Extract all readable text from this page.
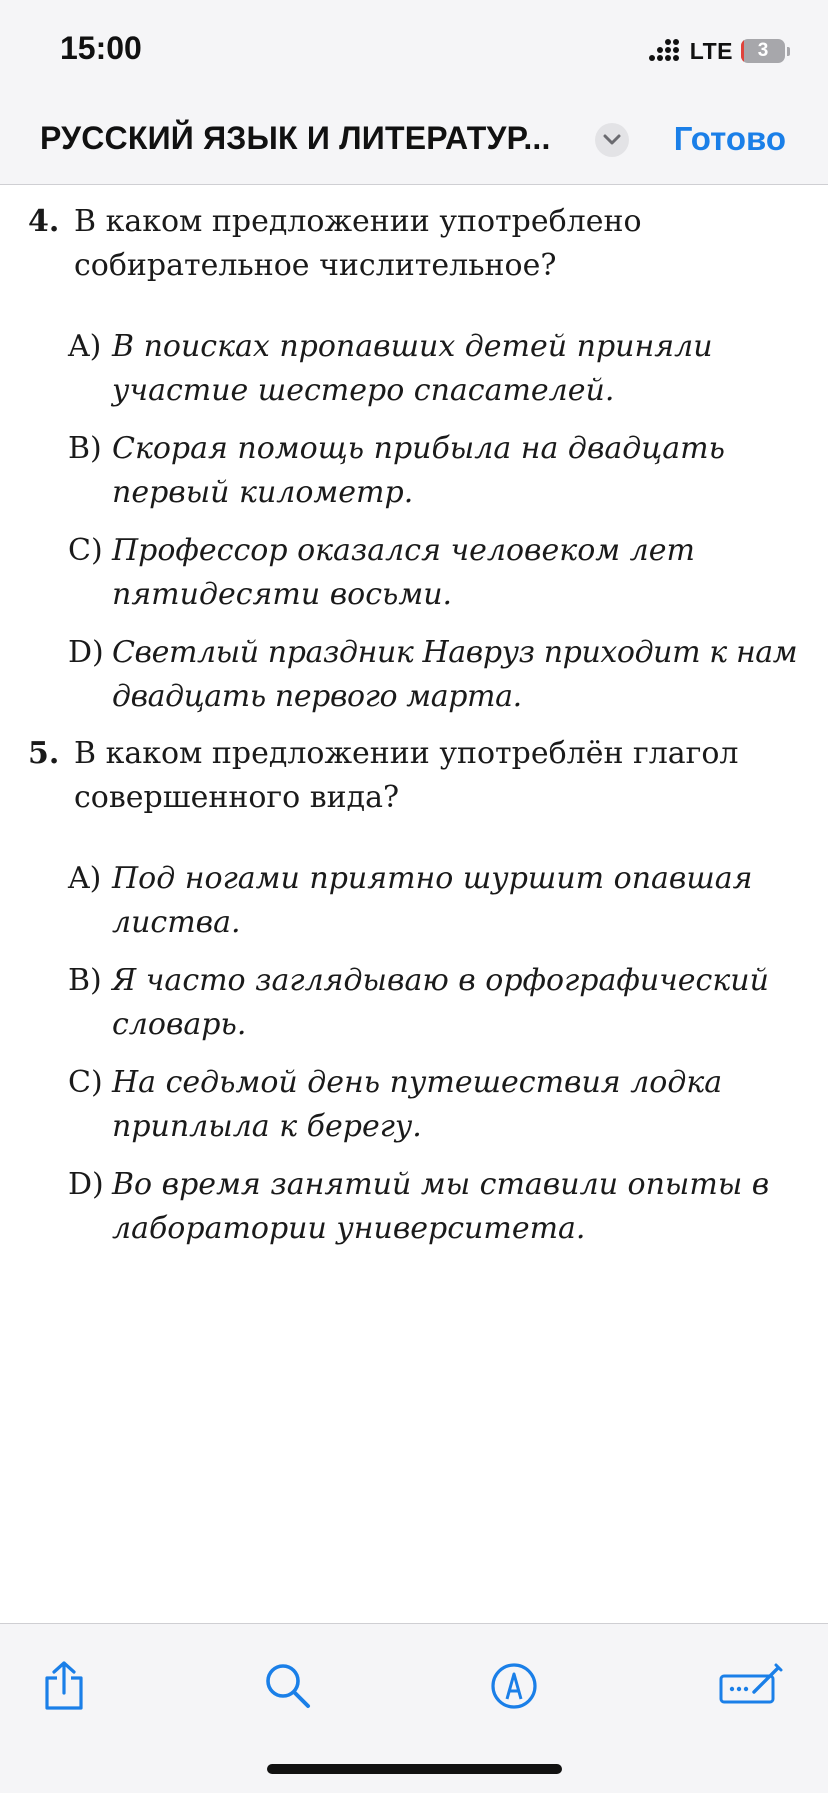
15:00	LTE	3
РУССКИЙ ЯЗЫК И ЛИТЕРАТУР...	Готово
4. В каком предложении употреблено
собирательное числительное?
A) В поисках пропавших детей приняли
участие шестеро спасателей.
B) Скорая помощь прибыла на двадцать
первый километр.
C) Профессор оказался человеком лет
пятидесяти восьми.
D) Светлый праздник Навруз приходит к нам
двадцать первого марта.
5. В каком предложении употреблён глагол
совершенного вида?
A) Под ногами приятно шуршит опавшая
листва.
B) Я часто заглядываю в орфографический
словарь.
C) На седьмой день путешествия лодка
приплыла к берегу.
D) Во время занятий мы ставили опыты в
лаборатории университета.
